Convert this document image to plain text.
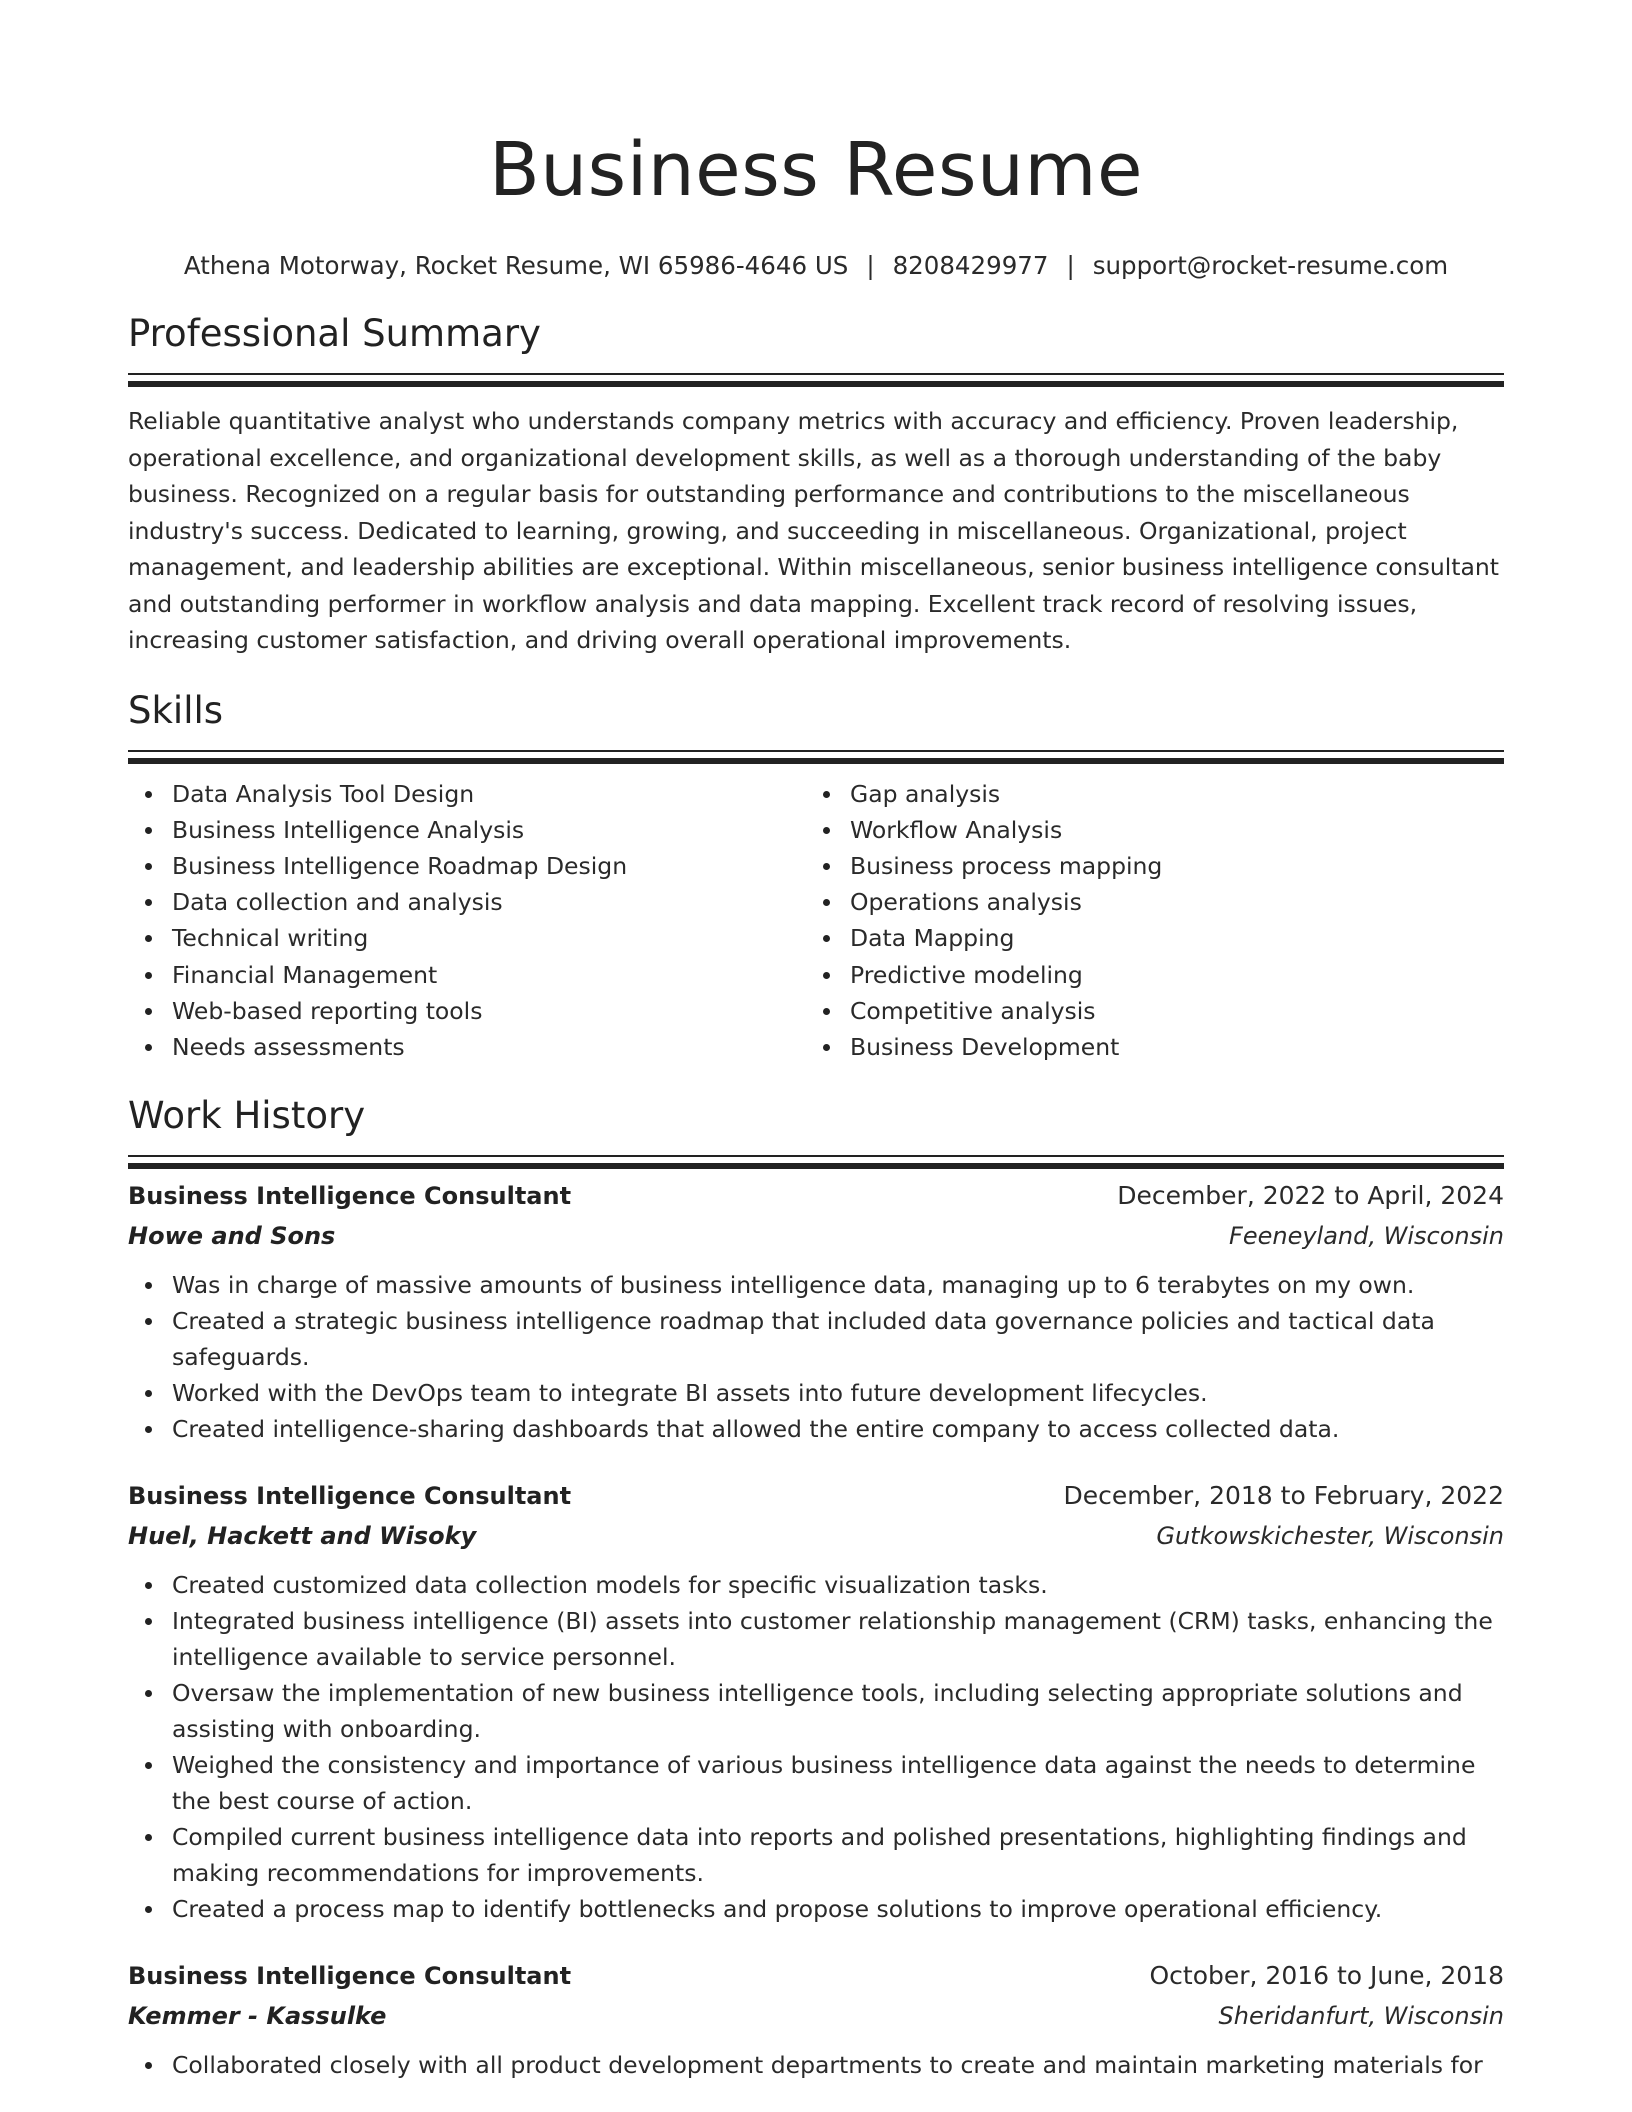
Business Resume
Athena Motorway, Rocket Resume, WI 65986-4646 US | 8208429977 | support@rocket-resume.com
Professional Summary
Reliable quantitative analyst who understands company metrics with accuracy and efficiency. Proven leadership, operational excellence, and organizational development skills, as well as a thorough understanding of the baby business. Recognized on a regular basis for outstanding performance and contributions to the miscellaneous industry's success. Dedicated to learning, growing, and succeeding in miscellaneous. Organizational, project management, and leadership abilities are exceptional. Within miscellaneous, senior business intelligence consultant and outstanding performer in workflow analysis and data mapping. Excellent track record of resolving issues, increasing customer satisfaction, and driving overall operational improvements.
Skills
Data Analysis Tool Design
Business Intelligence Analysis
Business Intelligence Roadmap Design
Data collection and analysis
Technical writing
Financial Management
Web-based reporting tools
Needs assessments
Gap analysis
Workflow Analysis
Business process mapping
Operations analysis
Data Mapping
Predictive modeling
Competitive analysis
Business Development
Work History
Business Intelligence Consultant	December, 2022 to April, 2024
Howe and Sons	Feeneyland, Wisconsin
Was in charge of massive amounts of business intelligence data, managing up to 6 terabytes on my own.
Created a strategic business intelligence roadmap that included data governance policies and tactical data safeguards.
Worked with the DevOps team to integrate BI assets into future development lifecycles.
Created intelligence-sharing dashboards that allowed the entire company to access collected data.
Business Intelligence Consultant	December, 2018 to February, 2022
Huel, Hackett and Wisoky	Gutkowskichester, Wisconsin
Created customized data collection models for specific visualization tasks.
Integrated business intelligence (BI) assets into customer relationship management (CRM) tasks, enhancing the intelligence available to service personnel.
Oversaw the implementation of new business intelligence tools, including selecting appropriate solutions and assisting with onboarding.
Weighed the consistency and importance of various business intelligence data against the needs to determine the best course of action.
Compiled current business intelligence data into reports and polished presentations, highlighting findings and making recommendations for improvements.
Created a process map to identify bottlenecks and propose solutions to improve operational efficiency.
Business Intelligence Consultant	October, 2016 to June, 2018
Kemmer - Kassulke	Sheridanfurt, Wisconsin
Collaborated closely with all product development departments to create and maintain marketing materials for
